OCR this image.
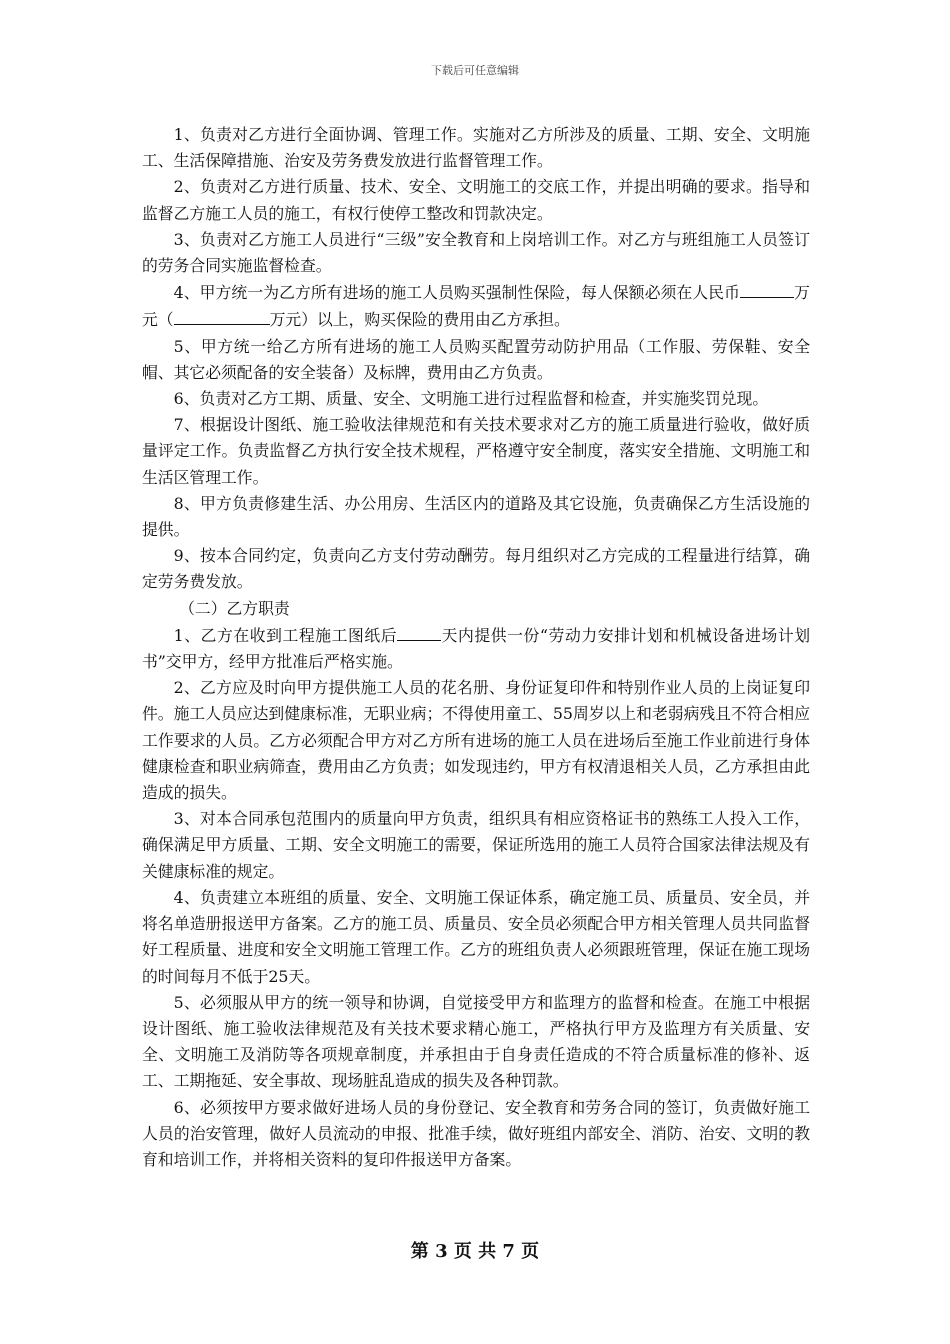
下载后可任意编辑

1、负责对乙方进行全面协调、管理工作。实施对乙方所涉及的质量、工期、安全、文明施工、生活保障措施、治安及劳务费发放进行监督管理工作。

2、负责对乙方进行质量、技术、安全、文明施工的交底工作，并提出明确的要求。指导和监督乙方施工人员的施工，有权行使停工整改和罚款决定。

3、负责对乙方施工人员进行“三级”安全教育和上岗培训工作。对乙方与班组施工人员签订的劳务合同实施监督检查。

4、甲方统一为乙方所有进场的施工人员购买强制性保险，每人保额必须在人民币	万元（	万元）以上，购买保险的费用由乙方承担。

5、甲方统一给乙方所有进场的施工人员购买配置劳动防护用品（工作服、劳保鞋、安全帽、其它必须配备的安全装备）及标牌，费用由乙方负责。

6、负责对乙方工期、质量、安全、文明施工进行过程监督和检查，并实施奖罚兑现。

7、根据设计图纸、施工验收法律规范和有关技术要求对乙方的施工质量进行验收，做好质量评定工作。负责监督乙方执行安全技术规程，严格遵守安全制度，落实安全措施、文明施工和生活区管理工作。

8、甲方负责修建生活、办公用房、生活区内的道路及其它设施，负责确保乙方生活设施的提供。

9、按本合同约定，负责向乙方支付劳动酬劳。每月组织对乙方完成的工程量进行结算，确定劳务费发放。

（二）乙方职责

1、乙方在收到工程施工图纸后	天内提供一份“劳动力安排计划和机械设备进场计划书”交甲方，经甲方批准后严格实施。

2、乙方应及时向甲方提供施工人员的花名册、身份证复印件和特别作业人员的上岗证复印件。施工人员应达到健康标准，无职业病；不得使用童工、55周岁以上和老弱病残且不符合相应工作要求的人员。乙方必须配合甲方对乙方所有进场的施工人员在进场后至施工作业前进行身体健康检查和职业病筛查，费用由乙方负责；如发现违约，甲方有权清退相关人员，乙方承担由此造成的损失。

3、对本合同承包范围内的质量向甲方负责，组织具有相应资格证书的熟练工人投入工作，确保满足甲方质量、工期、安全文明施工的需要，保证所选用的施工人员符合国家法律法规及有关健康标准的规定。

4、负责建立本班组的质量、安全、文明施工保证体系，确定施工员、质量员、安全员，并将名单造册报送甲方备案。乙方的施工员、质量员、安全员必须配合甲方相关管理人员共同监督好工程质量、进度和安全文明施工管理工作。乙方的班组负责人必须跟班管理，保证在施工现场的时间每月不低于25天。

5、必须服从甲方的统一领导和协调，自觉接受甲方和监理方的监督和检查。在施工中根据设计图纸、施工验收法律规范及有关技术要求精心施工，严格执行甲方及监理方有关质量、安全、文明施工及消防等各项规章制度，并承担由于自身责任造成的不符合质量标准的修补、返工、工期拖延、安全事故、现场脏乱造成的损失及各种罚款。

6、必须按甲方要求做好进场人员的身份登记、安全教育和劳务合同的签订，负责做好施工人员的治安管理，做好人员流动的申报、批准手续，做好班组内部安全、消防、治安、文明的教育和培训工作，并将相关资料的复印件报送甲方备案。

第 3 页 共 7 页
